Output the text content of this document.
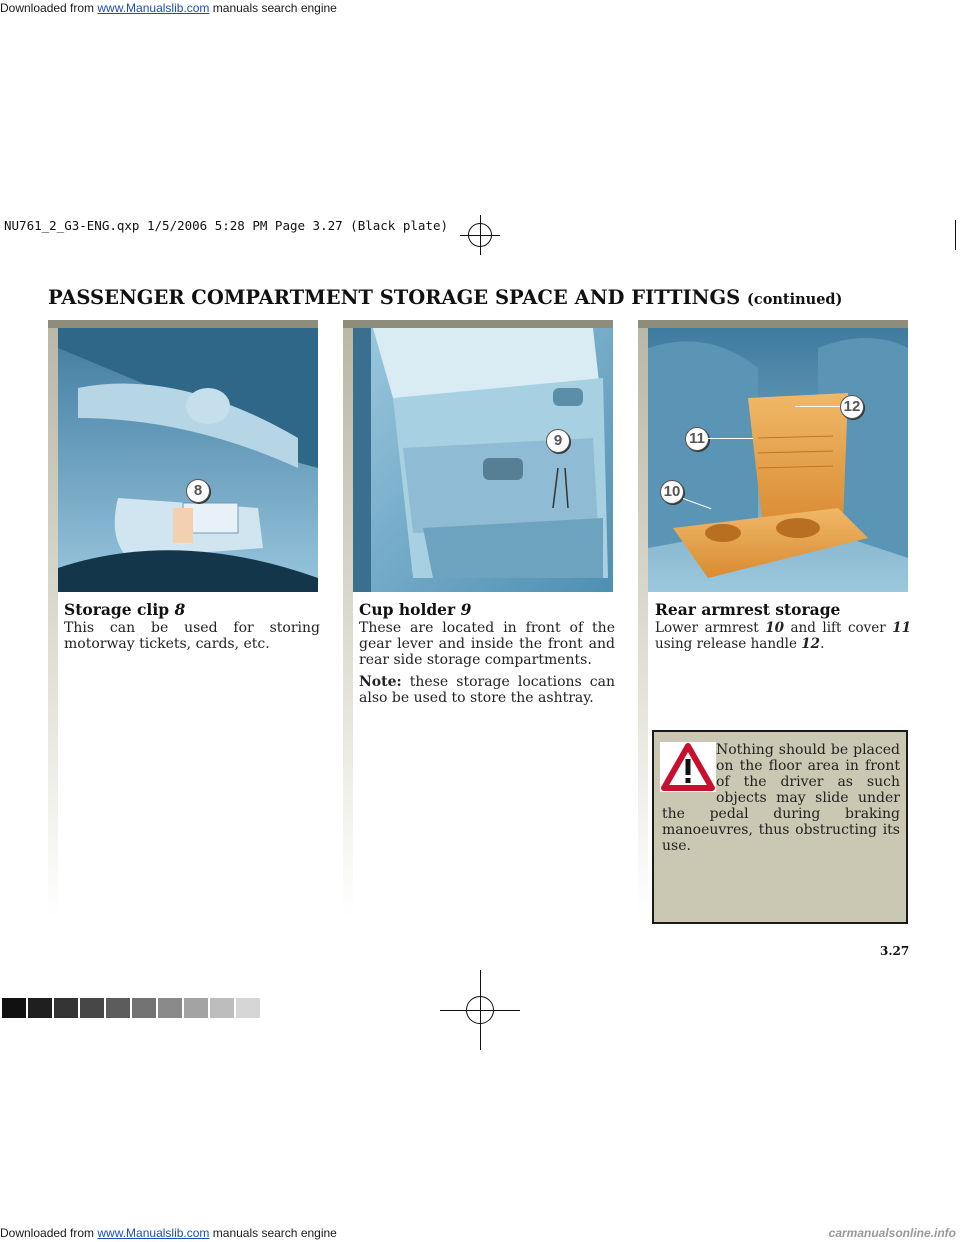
Downloaded from www.Manualslib.com manuals search engine
NU761_2_G3-ENG.qxp 1/5/2006 5:28 PM Page 3.27 (Black plate)
PASSENGER COMPARTMENT STORAGE SPACE AND FITTINGS (continued)
8
9
12
11
10
Storage clip 8

This can be used for storing motorway tickets, cards, etc.

Cup holder 9

These are located in front of the gear lever and inside the front and rear side storage compartments.

Note: these storage locations can also be used to store the ashtray.

Rear armrest storage

Lower armrest 10 and lift cover 11 using release handle 12.

Nothing should be placed on the floor area in front of the driver as such objects may slide under the pedal during braking manoeuvres, thus obstructing its use.
3.27
Downloaded from www.Manualslib.com manuals search engine	carmanualsonline.info
